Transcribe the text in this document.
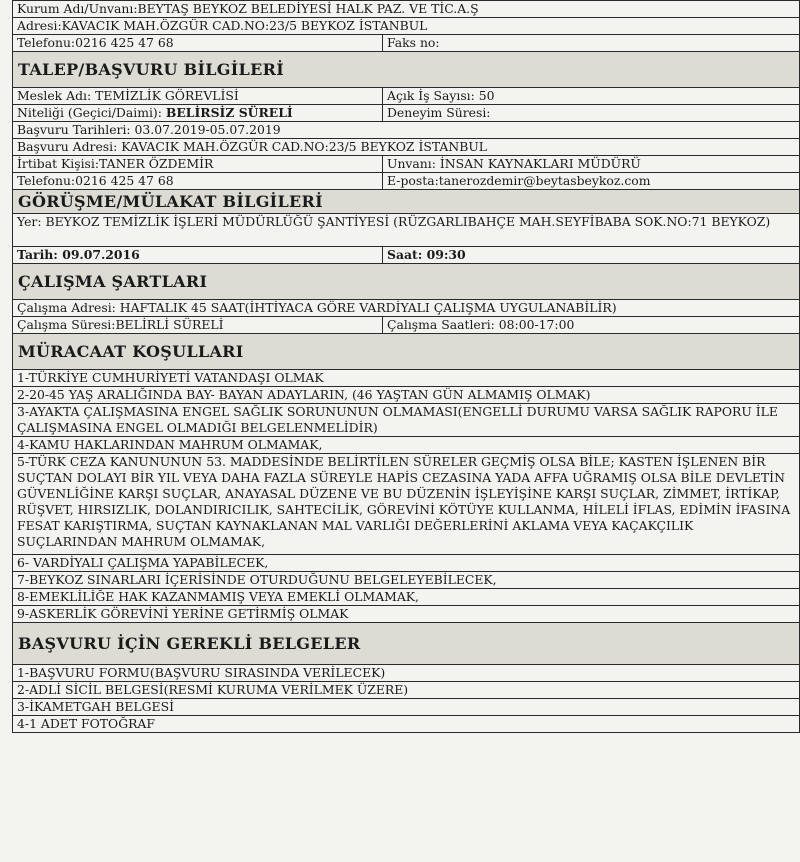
Kurum Adı/Unvanı:BEYTAŞ BEYKOZ BELEDİYESİ HALK PAZ. VE TİC.A.Ş	
Adresi:KAVACIK MAH.ÖZGÜR CAD.NO:23/5 BEYKOZ İSTANBUL	
Telefonu:0216 425 47 68	Faks no:
TALEP/BAŞVURU BİLGİLERİ	
Meslek Adı: TEMİZLİK GÖREVLİSİ	Açık İş Sayısı: 50
Niteliği (Geçici/Daimi): BELİRSİZ SÜRELİ	Deneyim Süresi:
Başvuru Tarihleri: 03.07.2019-05.07.2019	
Başvuru Adresi: KAVACIK MAH.ÖZGÜR CAD.NO:23/5 BEYKOZ İSTANBUL	
İrtibat Kişisi:TANER ÖZDEMİR	Unvanı: İNSAN KAYNAKLARI MÜDÜRÜ
Telefonu:0216 425 47 68	E-posta:tanerozdemir@beytasbeykoz.com
GÖRÜŞME/MÜLAKAT BİLGİLERİ	
Yer: BEYKOZ TEMİZLİK İŞLERİ MÜDÜRLÜĞÜ ŞANTİYESİ (RÜZGARLIBAHÇE MAH.SEYFİBABA SOK.NO:71 BEYKOZ)	
Tarih: 09.07.2016	Saat: 09:30
ÇALIŞMA ŞARTLARI	
Çalışma Adresi: HAFTALIK 45 SAAT(İHTİYACA GÖRE VARDİYALI ÇALIŞMA UYGULANABİLİR)	
Çalışma Süresi:BELİRLİ SÜRELİ	Çalışma Saatleri: 08:00-17:00
MÜRACAAT KOŞULLARI	
1-TÜRKİYE CUMHURİYETİ VATANDAŞI OLMAK	
2-20-45 YAŞ ARALIĞINDA BAY- BAYAN ADAYLARIN, (46 YAŞTAN GÜN ALMAMIŞ OLMAK)	
3-AYAKTA ÇALIŞMASINA ENGEL SAĞLIK SORUNUNUN OLMAMASI(ENGELLİ DURUMU VARSA SAĞLIK RAPORU İLE ÇALIŞMASINA ENGEL OLMADIĞI BELGELENMELİDİR)	
4-KAMU HAKLARINDAN MAHRUM OLMAMAK,	
5-TÜRK CEZA KANUNUNUN 53. MADDESİNDE BELİRTİLEN SÜRELER GEÇMİŞ OLSA BİLE; KASTEN İŞLENEN BİR SUÇTAN DOLAYI BİR YIL VEYA DAHA FAZLA SÜREYLE HAPİS CEZASINA YADA AFFA UĞRAMIŞ OLSA BİLE DEVLETİN GÜVENLİĞİNE KARŞI SUÇLAR, ANAYASAL DÜZENE VE BU DÜZENİN İŞLEYİŞİNE KARŞI SUÇLAR, ZİMMET, İRTİKAP, RÜŞVET, HIRSIZLIK, DOLANDIRICILIK, SAHTECİLİK, GÖREVİNİ KÖTÜYE KULLANMA, HİLELİ İFLAS, EDİMİN İFASINA FESAT KARIŞTIRMA, SUÇTAN KAYNAKLANAN MAL VARLIĞI DEĞERLERİNİ AKLAMA VEYA KAÇAKÇILIK SUÇLARINDAN MAHRUM OLMAMAK,	
6- VARDİYALI ÇALIŞMA YAPABİLECEK,	
7-BEYKOZ SINARLARI İÇERİSİNDE OTURDUĞUNU BELGELEYEBİLECEK,	
8-EMEKLİLİĞE HAK KAZANMAMIŞ VEYA EMEKLİ OLMAMAK,	
9-ASKERLİK GÖREVİNİ YERİNE GETİRMİŞ OLMAK	
BAŞVURU İÇİN GEREKLİ BELGELER	
1-BAŞVURU FORMU(BAŞVURU SIRASINDA VERİLECEK)	
2-ADLİ SİCİL BELGESİ(RESMİ KURUMA VERİLMEK ÜZERE)	
3-İKAMETGAH BELGESİ	
4-1 ADET FOTOĞRAF	
